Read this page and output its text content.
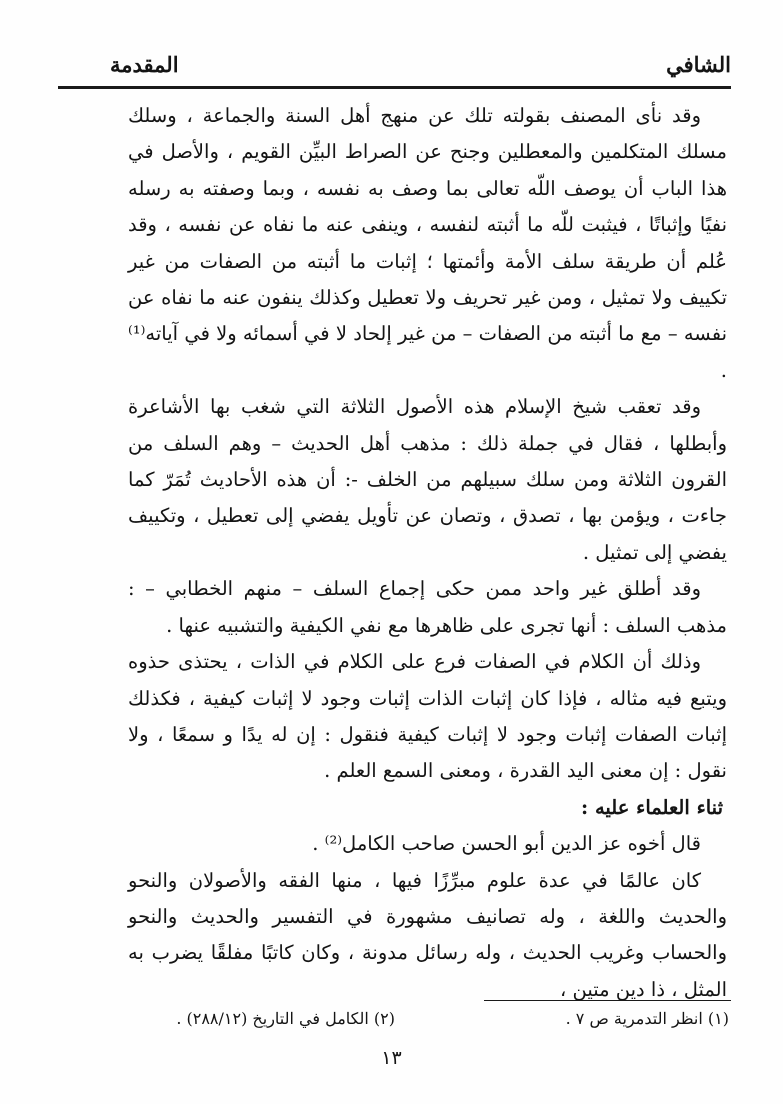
الشافي
المقدمة

وقد نأى المصنف بقولته تلك عن منهج أهل السنة والجماعة ، وسلك مسلك المتكلمين والمعطلين وجنح عن الصراط البيِّن القويم ، والأصل في هذا الباب أن يوصف اللّه تعالى بما وصف به نفسه ، وبما وصفته به رسله نفيًا وإثباتًا ، فيثبت للّه ما أثبته لنفسه ، وينفى عنه ما نفاه عن نفسه ، وقد عُلم أن طريقة سلف الأمة وأئمتها ؛ إثبات ما أثبته من الصفات من غير تكييف ولا تمثيل ، ومن غير تحريف ولا تعطيل وكذلك ينفون عنه ما نفاه عن نفسه – مع ما أثبته من الصفات – من غير إلحاد لا في أسمائه ولا في آياته⁽¹⁾ .

وقد تعقب شيخ الإسلام هذه الأصول الثلاثة التي شغب بها الأشاعرة وأبطلها ، فقال في جملة ذلك : مذهب أهل الحديث – وهم السلف من القرون الثلاثة ومن سلك سبيلهم من الخلف -: أن هذه الأحاديث تُمَرّ كما جاءت ، ويؤمن بها ، تصدق ، وتصان عن تأويل يفضي إلى تعطيل ، وتكييف يفضي إلى تمثيل .

وقد أطلق غير واحد ممن حكى إجماع السلف – منهم الخطابي – : مذهب السلف : أنها تجرى على ظاهرها مع نفي الكيفية والتشبيه عنها .

وذلك أن الكلام في الصفات فرع على الكلام في الذات ، يحتذى حذوه ويتبع فيه مثاله ، فإذا كان إثبات الذات إثبات وجود لا إثبات كيفية ، فكذلك إثبات الصفات إثبات وجود لا إثبات كيفية فنقول : إن له يدًا و سمعًا ، ولا نقول : إن معنى اليد القدرة ، ومعنى السمع العلم .

ثناء العلماء عليه :

قال أخوه عز الدين أبو الحسن صاحب الكامل⁽²⁾ .

كان عالمًا في عدة علوم مبرِّزًا فيها ، منها الفقه والأصولان والنحو والحديث واللغة ، وله تصانيف مشهورة في التفسير والحديث والنحو والحساب وغريب الحديث ، وله رسائل مدونة ، وكان كاتبًا مفلقًا يضرب به المثل ، ذا دين متين ،

(١) انظر التدمرية ص ٧ .
(٢) الكامل في التاريخ (٢٨٨/١٢) .
١٣
